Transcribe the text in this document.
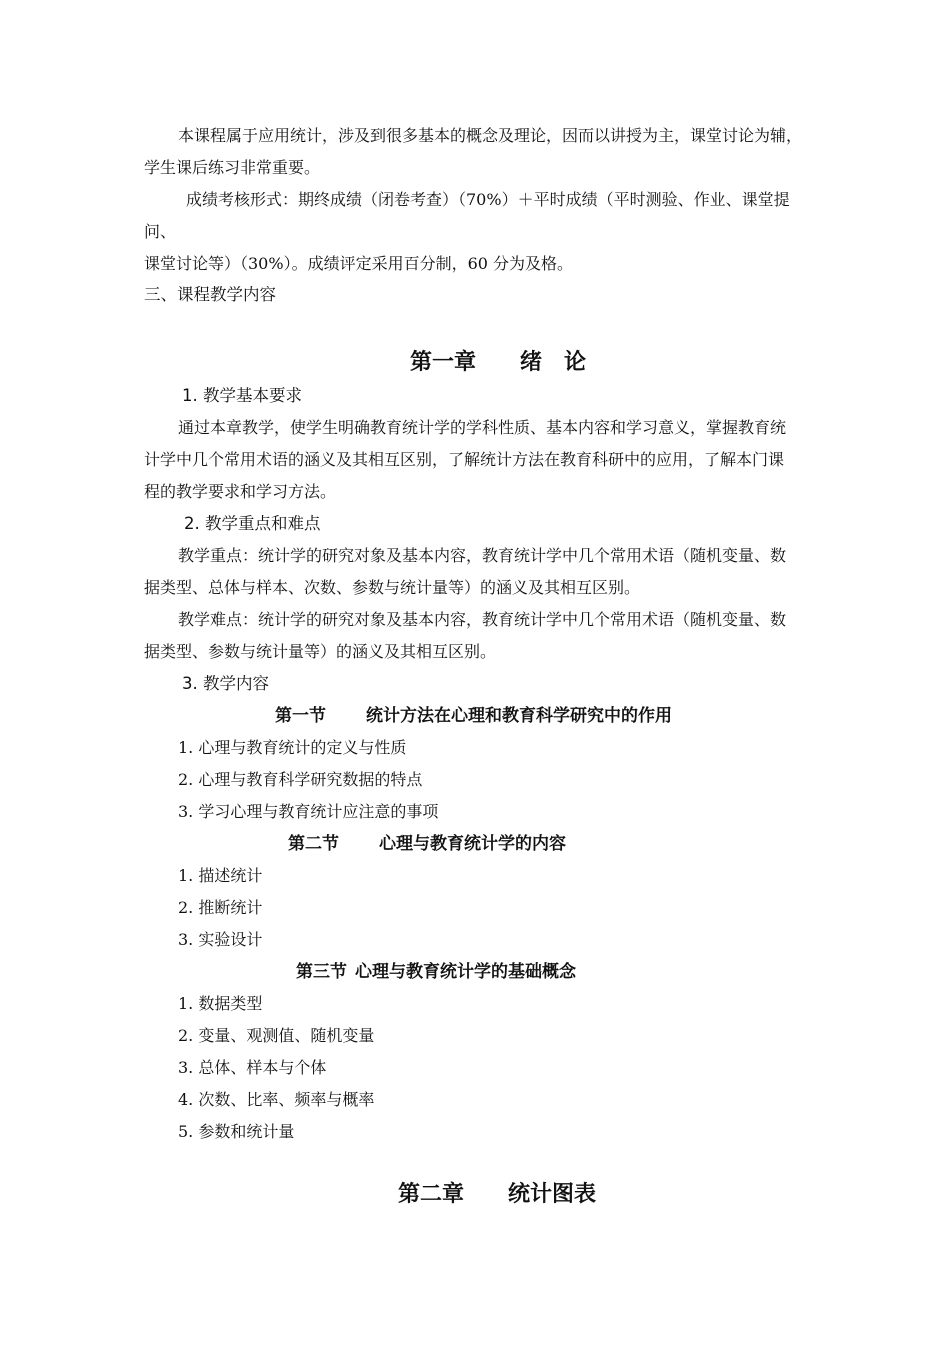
本课程属于应用统计，涉及到很多基本的概念及理论，因而以讲授为主，课堂讨论为辅，
学生课后练习非常重要。
成绩考核形式：期终成绩（闭卷考查）（70%）＋平时成绩（平时测验、作业、课堂提
问、
课堂讨论等）（30%）。成绩评定采用百分制，60 分为及格。
三、课程教学内容
第一章 绪　论
1. 教学基本要求
通过本章教学，使学生明确教育统计学的学科性质、基本内容和学习意义，掌握教育统
计学中几个常用术语的涵义及其相互区别，了解统计方法在教育科研中的应用，了解本门课
程的教学要求和学习方法。
2. 教学重点和难点
教学重点：统计学的研究对象及基本内容，教育统计学中几个常用术语（随机变量、数
据类型、总体与样本、次数、参数与统计量等）的涵义及其相互区别。
教学难点：统计学的研究对象及基本内容，教育统计学中几个常用术语（随机变量、数
据类型、参数与统计量等）的涵义及其相互区别。
3. 教学内容
第一节 统计方法在心理和教育科学研究中的作用
1. 心理与教育统计的定义与性质
2. 心理与教育科学研究数据的特点
3. 学习心理与教育统计应注意的事项
第二节 心理与教育统计学的内容
1. 描述统计
2. 推断统计
3. 实验设计
第三节 心理与教育统计学的基础概念
1. 数据类型
2. 变量、观测值、随机变量
3. 总体、样本与个体
4. 次数、比率、频率与概率
5. 参数和统计量
第二章 统计图表
